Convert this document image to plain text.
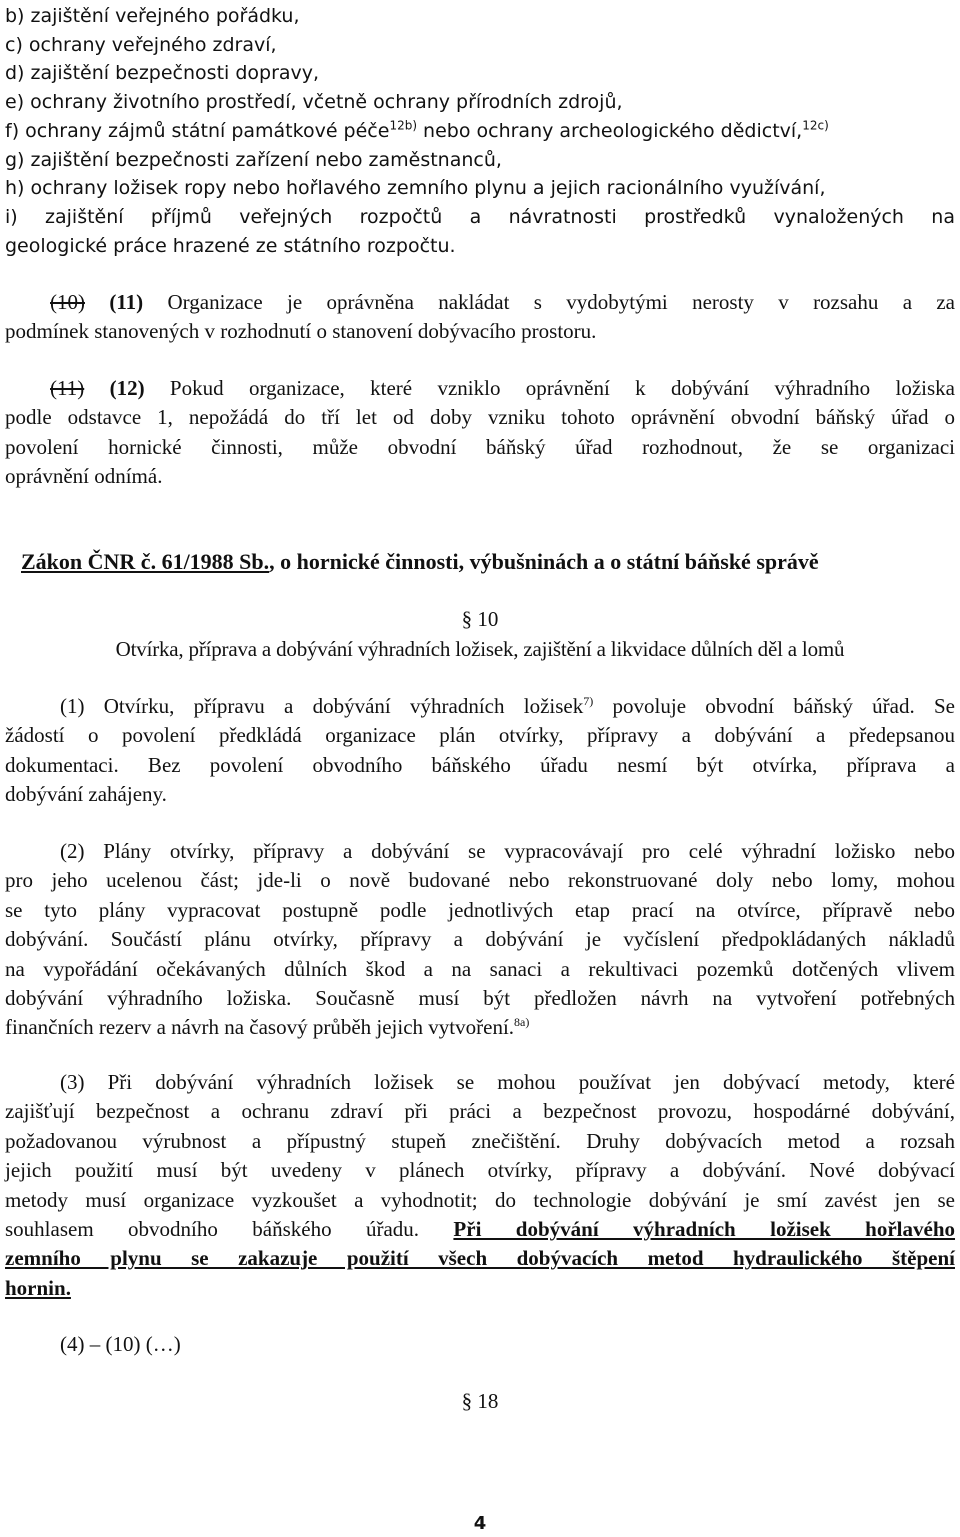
b) zajištění veřejného pořádku,
c) ochrany veřejného zdraví,
d) zajištění bezpečnosti dopravy,
e) ochrany životního prostředí, včetně ochrany přírodních zdrojů,
f) ochrany zájmů státní památkové péče$^{12b)}$ nebo ochrany archeologického dědictví,$^{12c)}$
g) zajištění bezpečnosti zařízení nebo zaměstnanců,
h) ochrany ložisek ropy nebo hořlavého zemního plynu a jejich racionálního využívání,
i) zajištění příjmů veřejných rozpočtů a návratnosti prostředků vynaložených na
geologické práce hrazené ze státního rozpočtu.
(10) (11) Organizace je oprávněna nakládat s vydobytými nerosty v rozsahu a za
podmínek stanovených v rozhodnutí o stanovení dobývacího prostoru.
(11) (12) Pokud organizace, které vzniklo oprávnění k dobývání výhradního ložiska
podle odstavce 1, nepožádá do tří let od doby vzniku tohoto oprávnění obvodní báňský úřad o
povolení hornické činnosti, může obvodní báňský úřad rozhodnout, že se organizaci
oprávnění odnímá.
Zákon ČNR č. 61/1988 Sb., o hornické činnosti, výbušninách a o státní báňské správě
§ 10
Otvírka, příprava a dobývání výhradních ložisek, zajištění a likvidace důlních děl a lomů
(1) Otvírku, přípravu a dobývání výhradních ložisek$^{7)}$ povoluje obvodní báňský úřad. Se
žádostí o povolení předkládá organizace plán otvírky, přípravy a dobývání a předepsanou
dokumentaci. Bez povolení obvodního báňského úřadu nesmí být otvírka, příprava a
dobývání zahájeny.
(2) Plány otvírky, přípravy a dobývání se vypracovávají pro celé výhradní ložisko nebo
pro jeho ucelenou část; jde-li o nově budované nebo rekonstruované doly nebo lomy, mohou
se tyto plány vypracovat postupně podle jednotlivých etap prací na otvírce, přípravě nebo
dobývání. Součástí plánu otvírky, přípravy a dobývání je vyčíslení předpokládaných nákladů
na vypořádání očekávaných důlních škod a na sanaci a rekultivaci pozemků dotčených vlivem
dobývání výhradního ložiska. Současně musí být předložen návrh na vytvoření potřebných
finančních rezerv a návrh na časový průběh jejich vytvoření.$^{8a)}$
(3) Při dobývání výhradních ložisek se mohou používat jen dobývací metody, které
zajišťují bezpečnost a ochranu zdraví při práci a bezpečnost provozu, hospodárné dobývání,
požadovanou výrubnost a přípustný stupeň znečištění. Druhy dobývacích metod a rozsah
jejich použití musí být uvedeny v plánech otvírky, přípravy a dobývání. Nové dobývací
metody musí organizace vyzkoušet a vyhodnotit; do technologie dobývání je smí zavést jen se
souhlasem obvodního báňského úřadu. Při dobývání výhradních ložisek hořlavého
zemního plynu se zakazuje použití všech dobývacích metod hydraulického štěpení
hornin.
(4) – (10) (…)
§ 18
4
